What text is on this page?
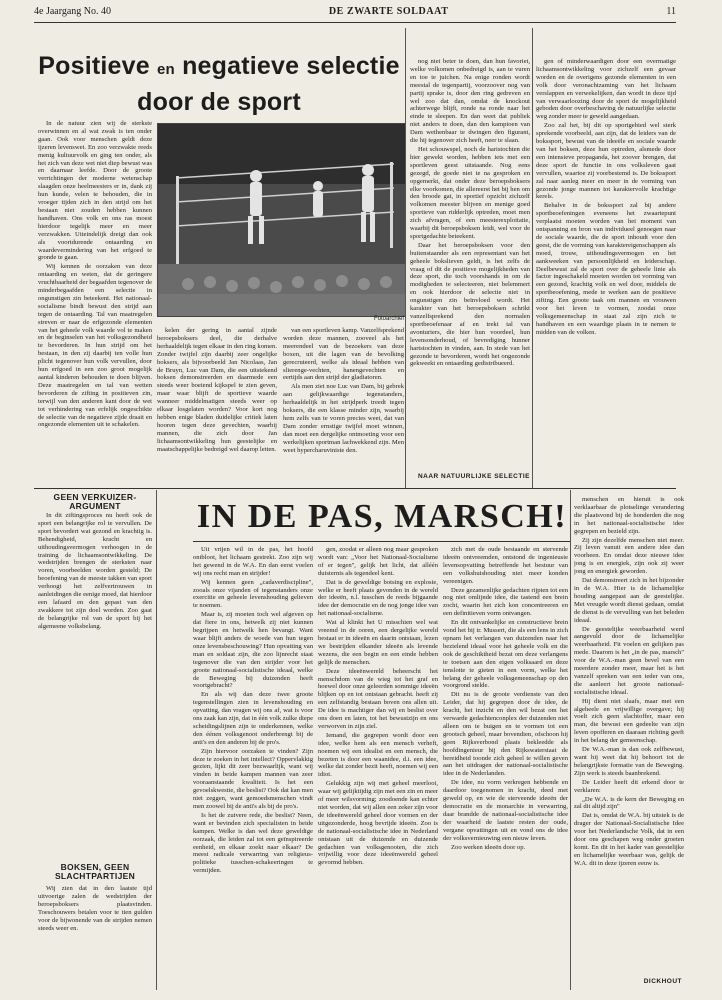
4e Jaargang No. 40	DE ZWARTE SOLDAAT	11
Positieve en negatieve selectie
door de sport
Fotoarchief

In de natuur zien wij de sterkste overwinnen en al wat zwak is ten onder gaan. Ook voor menschen geldt deze ijzeren levenswet. En zoo verzwakte reeds menig kultuurvolk en ging ten onder, als het zich van deze wet niet diep bewust was en daarnaar leefde. Door de groote verrichtingen der moderne wetenschap slaagden onze heelmeesters er in, dank zij hun kunde, velen te behouden, die in vroeger tijden zich in den strijd om het bestaan niet zouden hebben kunnen handhaven. Ons volk en ons ras moest hierdoor tegelijk meer en meer verzwakken. Uiteindelijk dreigt dan ook als voortdurende ontaarding en waardevermindering van het erfgoed te gronde te gaan.

Wij kennen de oorzaken van deze ontaarding en weten, dat de geringere vruchtbaarheid der begaafden tegenover de minderbegaafden een selectie in ongunstigen zin beteekent. Het nationaal-socialisme bindt bewust den strijd aan tegen de ontaarding. Tal van maatregelen streven er naar de erfgezonde elementen van het geheele volk waarde vol te maken en de beginselen van het volksgezondheid te bevorderen. In hun strijd om het bestaan, in den zij daarbij ten volle hun plicht tegenover hun volk vervullen, door hun erfgoed in een zoo groot mogelijk aantal kinderen behouden te doen blijven. Deze maatregelen en tal van wetten bevorderen de zifting in positieven zin, terwijl van den anderen kant door de wet tot verhindering van erfelijk ongeschikte de selectie van de negatieve zijde draait en ongezonde elementen uit te schakelen.

kelen der gering in aantal zijnde beroepsboksers deel, die derhalve herhaaldelijk tegen elkaar in den ring komen. Zonder twijfel zijn daarbij zeer ongelijke boksers, als bijvoorbeeld Jan Nicolaas, Jan de Bruyn, Luc van Dam, die een uitstekend boksen demonstreerden en daarmede een steeds weer boeiend kijkspel te zien geven, maar waar blijft de sportieve waarde wanneer middelmatigen steeds weer op elkaar losgelaten worden? Voor kort nog hebben enige bladen duidelijke critiek laten hooren tegen deze gevechten, waarbij mannen, die zich door Jan lichaamsontwikkeling hun geestelijke en maatschappelijke bedreigd wel daarop letten.

van een sportleven kamp. Vanzelfsprekend worden deze mannen, zooveel als het meerendeel van de bezoekers van deze boxen, uit die lagen van de bevolking gerecruteerd, welke als ideaal hebben van slierenge-vechten, hanengevechten en eertijds aan den strijd der gladiatoren.

Als men ziet noe Luc van Dam, bij gebrek aan gelijkwaardige tegenstanders, herhaaldelijk in het strijdperk treedt tegen boksers, die een klasse minder zijn, waarbij hem zelfs van te voren precies weet, dat van Dam zonder ernstige twijfel moet winnen, dan moet een dergelijke ontmoeting voor een werkelijken sportman lachwekkend zijn. Men weet hypercharuviniste den.

nog niet beter te doen, dan hun favoriet, welke volkomen onbedreigd is, aan te vuren en toe te juichen. Na enige ronden wordt meestal de tegenpartij, voorzoover nog van partij sprake is, door den ring gedreven en wel zoo dat dan, omdat de knockout achterwege blijft, ronde na ronde naar het einde te sleepen. En dan weet dat publiek niet anders te doen, dan den kampioen van Dam wethenbaar te dwingen den figurant, die hij tegenover zich heeft, neer te slaan.

Het schouwspel, noch de haristochten die hier gewekt worden, hebben iets met een sportleven geest uitstaande. Nog eens gezegd, de goede niet te na gesproken en opgemerkt, dat onder deze beroepsboksers elke voorkomen, die allereerst het bij hen om den broode gat, in sportief opzicht zichzelf volkomen meester blijven en menige goed sportieve van ridderlijk optreden, moet men zich afvragen, of een meesterexploitatie, waarbij dit beroepsboksen leidt, wel voor de sportgedachte beteekent.

Daar het beroepsboksen voor den buitenstaander als een representant van het geheele bokslieven geldt, is het zelfs de vraag of dit de positieve mogelijkheden van deze sport, die toch voorshands in om de modigheden te selecteeren, niet belemmert en ook hierdoor de selectie niet in ongunstigen zin beïnvloed wordt. Het karakter van het beroepsboksen schrikt vanzelfsprekend den normalen sportbeoefenaar af en trekt tal van avonturiers, die hier hun voordeel, hun levensonderhoud, of bevrediging hunner hartstochten in vinden, aan. In stede van het gezonde te bevorderen, wordt het ongezonde gekweekt en ontaarding gedistribueerd.

NAAR NATUURLIJKE SELECTIE

gen of minderwaardigen door een overmatige lichaamsontwikkeling voor zichzelf een gevaar worden en de overigens gezonde elementen in een volk door veronachtzaming van het lichaam verslappen en verwekelijken, dan wordt in deze tijd van verwaarloozing door de sport de mogelijkheid geboden door overbeschaving de natuurlijke selectie weg zonder meer te geweld aangedaan.

Zoo zal het, bij dit op sportgebied wel sterk sprekende voorbeeld, aan zijn, dat de leiders van de bokssport, bewust van de ideeële en sociale waarde van het boksen, deze hun optreden, alsmede door een intensieve propaganda, het zoover brengen, dat deze sport de functie in ons volksleven gaat vervullen, waartoe zij voorbestemd is. De bokssport zal naar aanleg meer en meer in de vorming van gezonde jonge mannen tot karaktervolle krachtige kerels.

Behalve in de bokssport zal bij andere sportbeoefeningen eveneens het zwaartepunt verplaatst moeten worden van het moment van ontspanning en bron van individueel genoegen naar de sociale waarde, die de sport inhoudt voor den geest, die de vorming van karaktereigenschappen als moed, trouw, uithoudingsvermogen en het aankweeken van persoonlijkheid en leiderschap. Deelbewust zal de sport over de geheele linie als factor ingeschakeld moeten worden tot vorming van een gezond, krachtig volk en wel door, middels de sportbeoefening, mede te werken aan de positieve zifting. Een groote taak om mannen en vrouwen voor het leven te vormen, zoodat onze volksgemeenschap in staat zal zijn zich te handhaven en een waardige plaats in te nemen te midden van de volken.

GEEN VERKUIZER-ARGUMENT	IN DE PAS, MARSCH!

In dit ziftingsproces nu heeft ook de sport een belangrijke rol te vervullen. De sport bevordert wat gezond en krachtig is. Behendigheid, kracht en uithoudingsvermogen verhoogen in de training de lichaamsontwikkeling. De wedstrijden brengen de sterksten naar voren, voorbeelden worden gesteld; De beoefening van de meeste takken van sport verhoogt het zelfvertrouwen in aanleidingen die eenige moed, dat hierdoor een lafaard en den gepast van den zwakkere tot zijn doel worden. Zoo gaat de belangrijke rol van de sport bij het algemeene volksbelang.

BOKSEN, GEEN SLACHTPARTIJEN

Wij zien dat in den laatste tijd uitvoerige zalen de wedstrijden der beroepsboksers plaatsvinden. Toeschouwers betalen voor te tien gulden voor de bijwonende van de strijden nemen steeds weer en.

Uit vrijen wil in de pas, het hoofd ontbloot, het lichaam gestrekt. Zoo zijn wij het gewend in de W.A. En dan eerst voelen wij ons recht man en strijder!

Wij kennen geen „cadaverdiscipline", zooals onze vijanden of tegenstanders onze exercitie en geheele levenshouding gelieven te noemen.

Maar is, zij moeten toch wel afgeven op dat fiere in ons, hetwelk zij niet kunnen begrijpen en hetwelk hen bevangt. Want waar blijft anders de woede van hun tegen onze levensbeschouwing? Hun opvatting van man en soldaat zijn, die zoo lijnrecht staat tegenover die van den strijder voor het groote nationaal-socialistische ideaal, welke de Beweging bij duizenden heeft voortgebracht?

En als wij dan deze twee groote tegenstellingen zien in levenshouding en opvatting, dan vragen wij ons af, wat is voor ons zaak kan zijn, dat in één volk zulke diepe scheidingslijnen zijn te onderkennen, welke den éénen volksgenoot onderbrengt bij de anti's en den anderen bij de pro's.

Zijn hiervoor oorzaken te vinden? Zijn deze te zoeken in het intellect? Oppervlakkig gezien, lijkt dit zeer bezwaarlijk, want wij vinden in beide kampen mannen van zeer vooraanstaande kwaliteit. Is het een gevoelskwestie, die beslist? Ook dat kan men niet zeggen, want gemoedsmenschen vindt men zoowel bij de anti's als bij de pro's.

Is het de zuivere rede, die beslist? Neen, want er bevinden zich specialisten in beide kampen. Welke is dan wel deze geweldige oorzaak, die leiden zal tot een geïnspireerde eenheid, en elkaar zoekt naar elkaar? De meest radicale verwarring van religieus-politieke tusschen-schakeeringen te vermijden.

gen, zoodat er alleen nog maar gesproken wordt van: „Voor het Nationaal-Socialisme of er tegen", gelijk het licht, dat alléén duisternis als tegendeel kent.

Dat is de geweldige botsing en explosie, welke er heeft plaats gevonden in de wereld der ideeën, n.l. tusschen de reeds bijgaande idee der democratie en de nog jonge idee van het nationaal-socialisme.

Wat al klinkt het U misschien wel wat vreemd in de ooren, een dergelijke wereld bestaat er in ideeën en daarin ontstaan, lezen we bestrijden elkander ideeën als levende wezens, die een begin en een einde hebben gelijk de menschen.

Deze ideeënwereld beheerscht het menschdom van de wieg tot het graf en hoewel door onze geleerden sommige ideeën blijken op en tot ontstaan gebracht. heeft zij een zelfstandig bestaan boven ons allen uit. De idee is machtiger dan wij en beslist over ons doen en laten, tot het bewustzijn en ons verworven in zijn ziel.

Iemand, die gegrepen wordt door een idee, welke hem als een mensch verheft, noemen wij een idealist en een mensch, die bezeten is door een waanidee, d.i. een idee, welke dat zonder bezit heeft, noemen wij een idiot.

Gelukkig zijn wij met geheel meerlooi, waar wij gelijktijdig zijn met een zin en meer of meer wilsvorming; zoodoende kan echter niet worden, dat wij allen een zeker zijn voor de ideeënwereld geheel door vormen en der uitgezonderde, hoog bevrijde ideeën. Zoo is de nationaal-socialistische idee in Nederland ontstaan uit de duizende en duizende gedachten van volksgenooten, die zich vrijwillig voor deze ideeënwereld geheel gevormd hebben.

zich met de oude bestaande en stervende ideeën ontvreemden, ontstond de ingenieusie levensopvatting betreffende het bestuur van een volkshuishouding niet meer konden vereenigen.

Deze gezamenlijke gedachten rijpten tot een nog niet omlijnde idee, die tastend een brein zocht, waarin het zich kon concentreeren en een definitieven vorm ontvangen.

En dit ontvankelijke en constructieve brein vond het bij ir. Mussert, die als een lens in zich opnam het verlangen van duizenden naar het bezielend ideaal voor het geheele volk en die ook de geschiktheid bezat om deze verlangens te toetsen aan den eigen volksaard en deze tenslotte te gieten in een vorm, welke het belang der geheele volksgemeenschap op den voorgrond stelde.

Dit nu is de groote verdienste van den Leider, dat hij gegrepen door de idee, de kracht, het inzicht en den wil bezat om het verwarde gedachtenconplex der duizenden niet alleen om te buigen en te vormen tot een grootsch geheel, maar bovendien, ofschoon hij geen Rijksverbond plaats bekleedde als hoofdingenieur bij den Rijkswaterstaat de bereidheid toonde zich geheel te willen geven aan het uitdragen der nationaal-socialistische idee in de Nederlanden.

De idee, nu vorm verkregen hebbende en daardoor toegenomen in kracht, deed met geweld op, en wie de sterveende ideeën der democratie en de monarchie in verwarring, daar brandde de nationaal-socialistische idee der waarheid de laatste resten der oude, vergane opvattingen uit en vond ons de idee der volksvernieuwing een nieuw leven.

Zoo werken ideeën door op.

menschen en hieruit is ook verklaarbaar de plotselinge verandering die plaatsvond bij de honderden die nog in het nationaal-socialistische idee gegrepen en bezield zijn.

Zij zijn dezelfde menschen niet meer. Zij leven vanuit een andere idee dan voorheen. En omdat deze nieuwe idee jong is en energiek, zijn ook zij weer jong en energiek geworden.

Dat demonstreert zich in het bijzonder in de W.A. Hier is de lichamelijke houding aangepast aan de geestelijke. Met vreugde wordt dienst gedaan, omdat de dienst is de vervulling van het beleden ideaal.

De geestelijke weerbaarheid werd aangevuld door de lichamelijke weerbaarheid. Fit voelen en gelijken pas mede. Daarom is het „in de pas, marsch" voor de W.A.-man geen bevel van een meerdere zonder meer, maar het is het vanzelf spreken van een ieder van ons, die aanleert het groote nationaal-socialistische ideaal.

Hij dient niet slaafs, maar met een algeheele en vrijwillige overgave; hij voelt zich geen slachtoffer, maar een man, die bewust een gedeelte van zijn leven opofferen en daaraan richting geeft in het belang der gemeenschap.

De W.A.-man is dan ook zelfbewust, want hij weet dat hij behoort tot de belangrijkste formatie van de Beweging. Zijn werk is steeds baanbrekend.

De Leider heeft dit erkend door te verklaren:

„De W.A. is de kern der Beweging en zal dit altijd zijn"

Dat is, omdat de W.A. bij uitstek is de drager der Nationaal-Socialistische Idee voor het Nederlandsche Volk, dat in een door ons geschapen weg onder groeten komt. En dit in het kader van geestelijke en lichamelijke weerbaar was, gelijk de W.A. dit in deze ijzeren eeuw is.

DICKHOUT
